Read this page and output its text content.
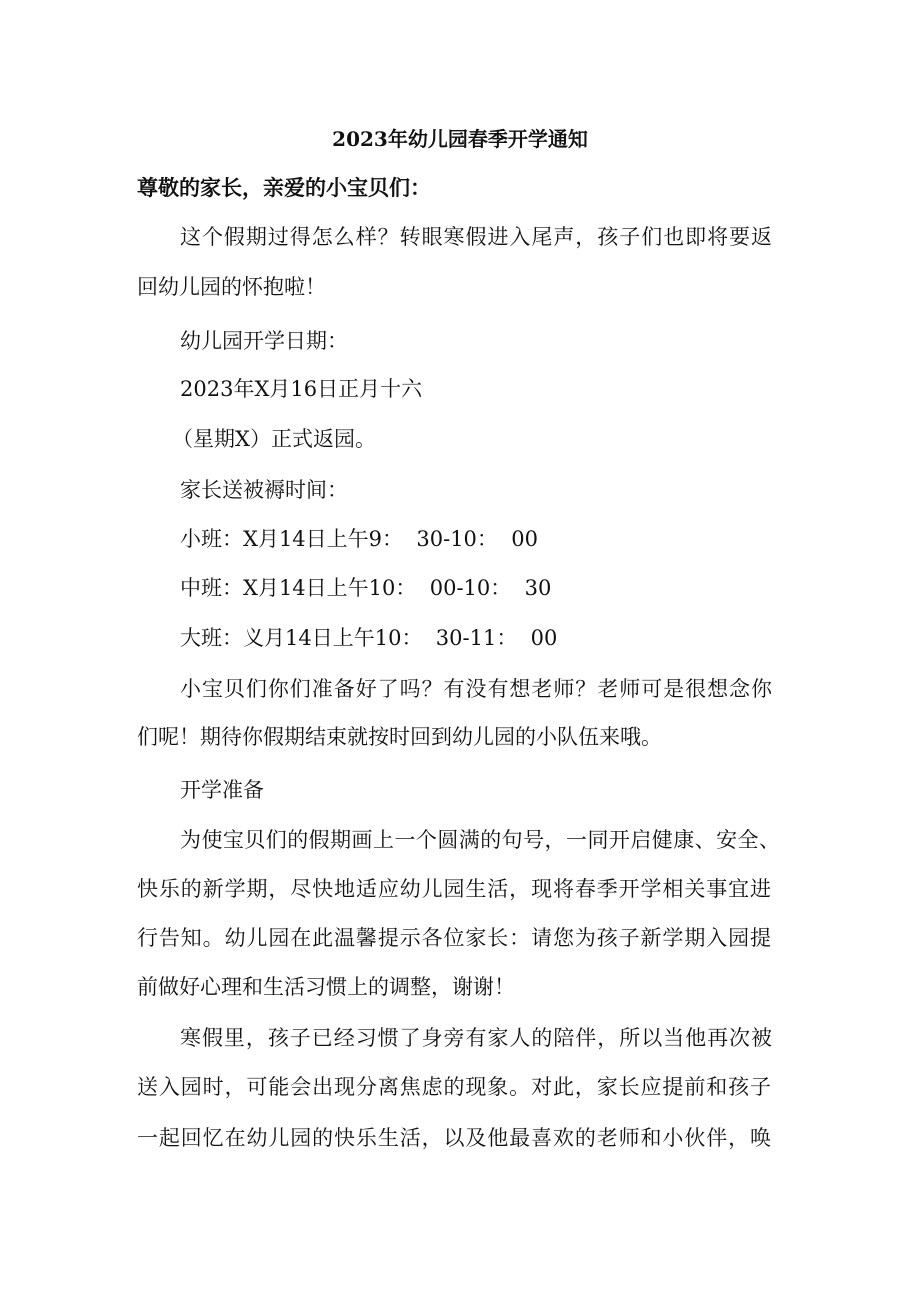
2023年幼儿园春季开学通知
尊敬的家长，亲爱的小宝贝们：
这个假期过得怎么样？转眼寒假进入尾声，孩子们也即将要返
回幼儿园的怀抱啦！
幼儿园开学日期：
2023年X月16日正月十六
（星期X）正式返园。
家长送被褥时间：
小班：X月14日上午9：  30-10：  00
中班：X月14日上午10：  00-10：  30
大班：义月14日上午10：  30-11：  00
小宝贝们你们准备好了吗？有没有想老师？老师可是很想念你
们呢！期待你假期结束就按时回到幼儿园的小队伍来哦。
开学准备
为使宝贝们的假期画上一个圆满的句号，一同开启健康、安全、
快乐的新学期，尽快地适应幼儿园生活，现将春季开学相关事宜进
行告知。幼儿园在此温馨提示各位家长：请您为孩子新学期入园提
前做好心理和生活习惯上的调整，谢谢！
寒假里，孩子已经习惯了身旁有家人的陪伴，所以当他再次被
送入园时，可能会出现分离焦虑的现象。对此，家长应提前和孩子
一起回忆在幼儿园的快乐生活，以及他最喜欢的老师和小伙伴，唤
